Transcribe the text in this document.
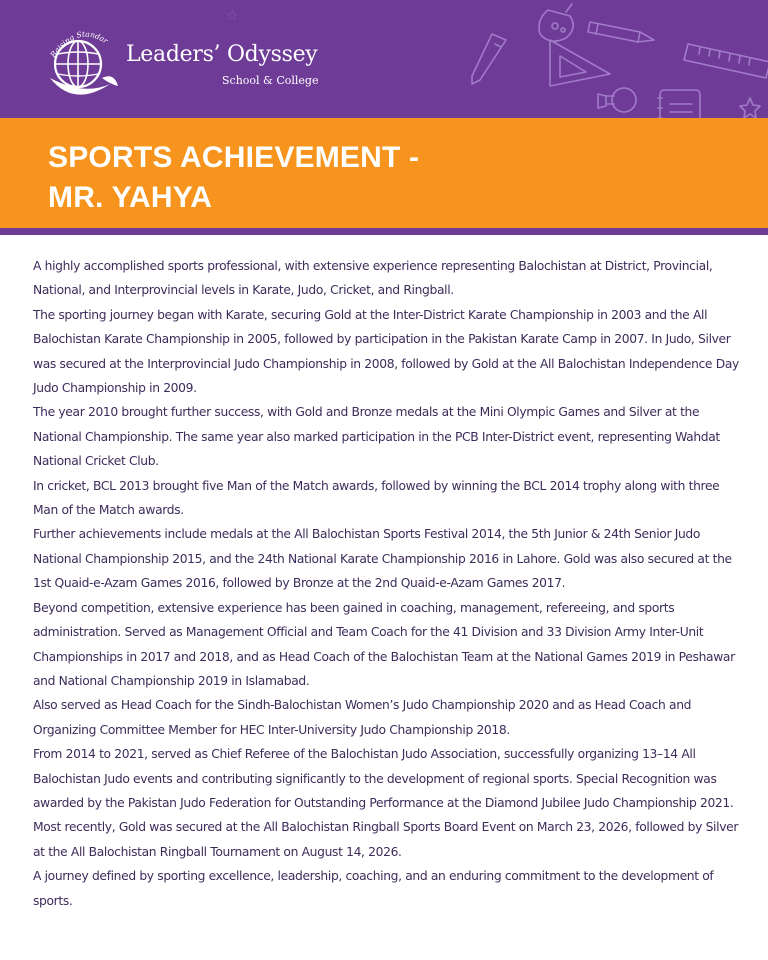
☆
Raising Standards
Leaders’ Odyssey
School & College
SPORTS ACHIEVEMENT -
MR. YAHYA

A highly accomplished sports professional, with extensive experience representing Balochistan at District, Provincial, National, and Interprovincial levels in Karate, Judo, Cricket, and Ringball.

The sporting journey began with Karate, securing Gold at the Inter-District Karate Championship in 2003 and the All Balochistan Karate Championship in 2005, followed by participation in the Pakistan Karate Camp in 2007. In Judo, Silver was secured at the Interprovincial Judo Championship in 2008, followed by Gold at the All Balochistan Independence Day Judo Championship in 2009.

The year 2010 brought further success, with Gold and Bronze medals at the Mini Olympic Games and Silver at the National Championship. The same year also marked participation in the PCB Inter-District event, representing Wahdat National Cricket Club.

In cricket, BCL 2013 brought five Man of the Match awards, followed by winning the BCL 2014 trophy along with three Man of the Match awards.

Further achievements include medals at the All Balochistan Sports Festival 2014, the 5th Junior & 24th Senior Judo National Championship 2015, and the 24th National Karate Championship 2016 in Lahore. Gold was also secured at the 1st Quaid-e-Azam Games 2016, followed by Bronze at the 2nd Quaid-e-Azam Games 2017.

Beyond competition, extensive experience has been gained in coaching, management, refereeing, and sports administration. Served as Management Official and Team Coach for the 41 Division and 33 Division Army Inter-Unit Championships in 2017 and 2018, and as Head Coach of the Balochistan Team at the National Games 2019 in Peshawar and National Championship 2019 in Islamabad.

Also served as Head Coach for the Sindh-Balochistan Women’s Judo Championship 2020 and as Head Coach and Organizing Committee Member for HEC Inter-University Judo Championship 2018.

From 2014 to 2021, served as Chief Referee of the Balochistan Judo Association, successfully organizing 13–14 All Balochistan Judo events and contributing significantly to the development of regional sports. Special Recognition was awarded by the Pakistan Judo Federation for Outstanding Performance at the Diamond Jubilee Judo Championship 2021.

Most recently, Gold was secured at the All Balochistan Ringball Sports Board Event on March 23, 2026, followed by Silver at the All Balochistan Ringball Tournament on August 14, 2026.

A journey defined by sporting excellence, leadership, coaching, and an enduring commitment to the development of sports.
